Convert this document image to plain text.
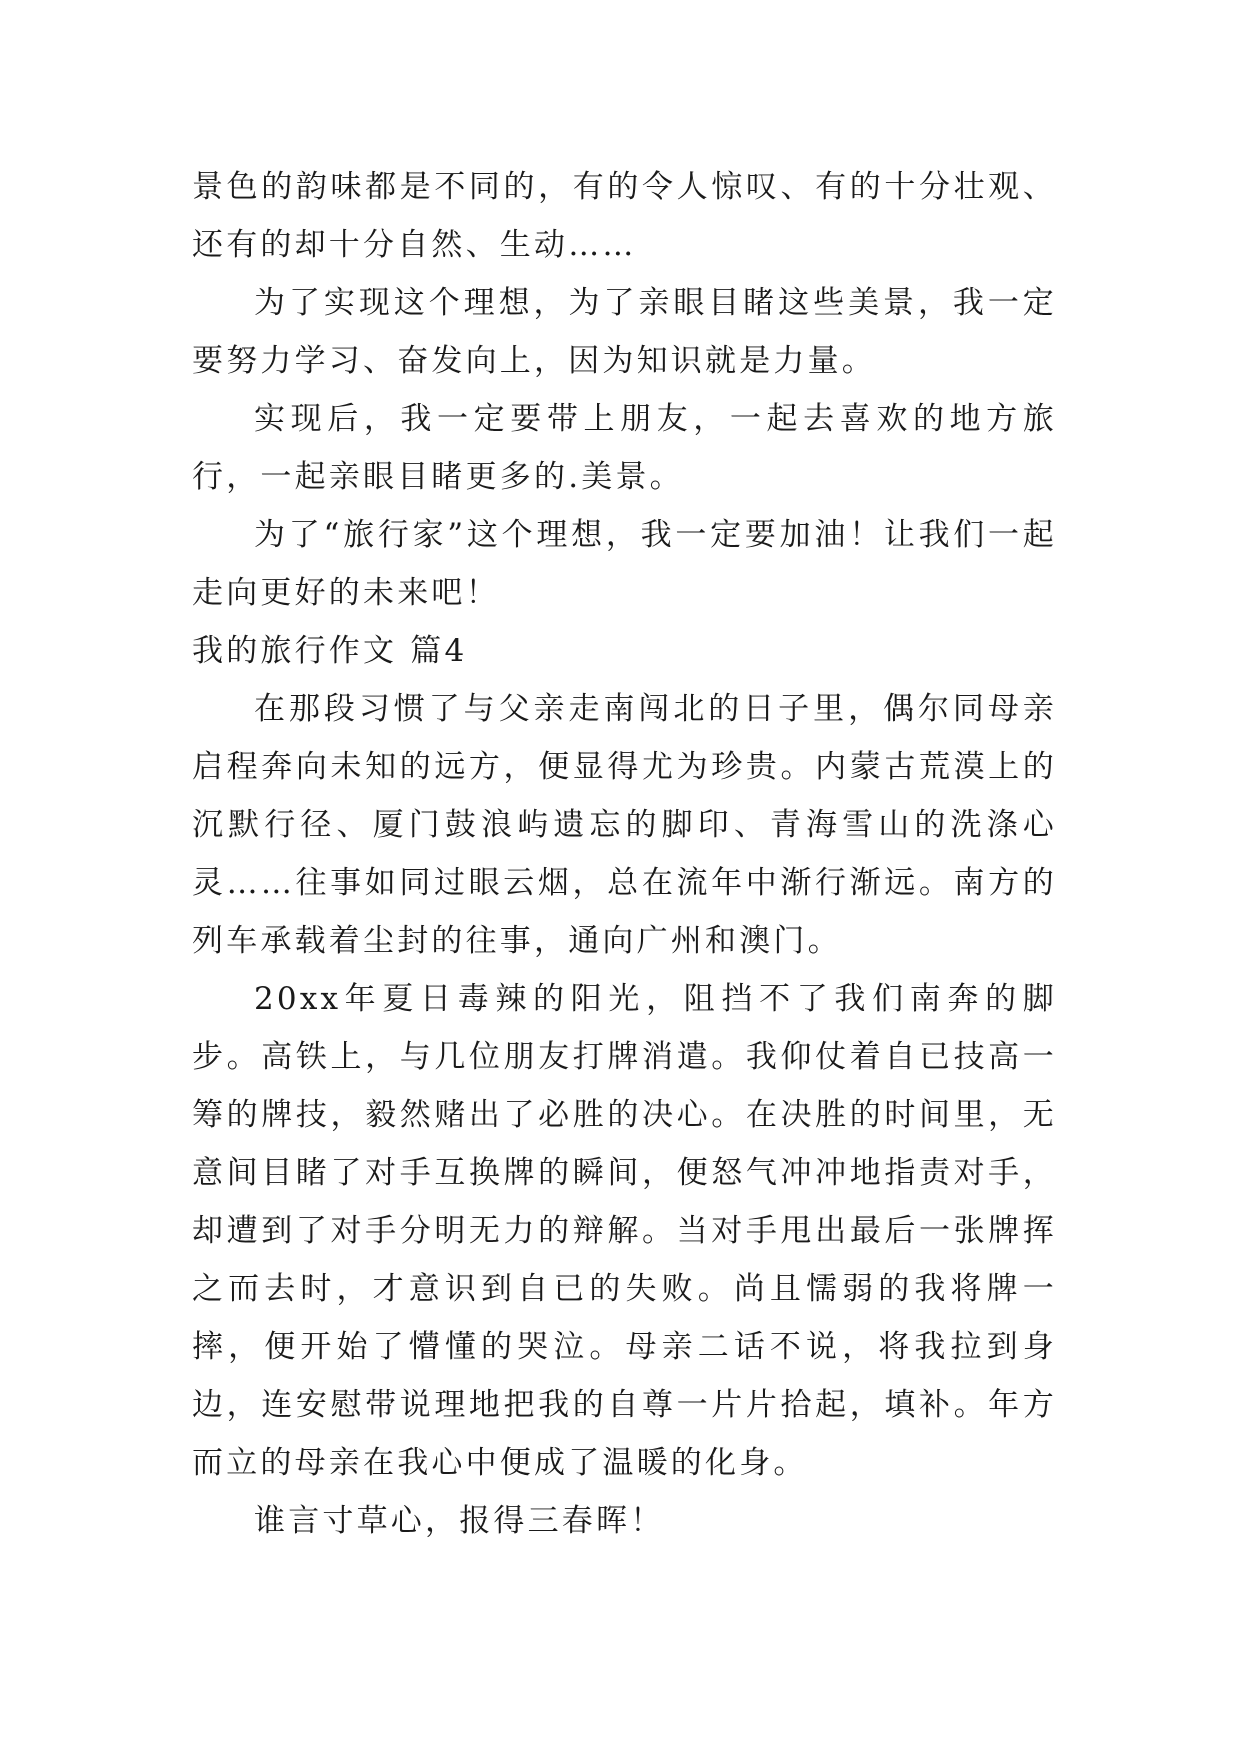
景色的韵味都是不同的，有的令人惊叹、有的十分壮观、还有的却十分自然、生动……

为了实现这个理想，为了亲眼目睹这些美景，我一定要努力学习、奋发向上，因为知识就是力量。

实现后，我一定要带上朋友，一起去喜欢的地方旅行，一起亲眼目睹更多的.美景。

为了“旅行家”这个理想，我一定要加油！让我们一起走向更好的未来吧！

我的旅行作文 篇4

在那段习惯了与父亲走南闯北的日子里，偶尔同母亲启程奔向未知的远方，便显得尤为珍贵。内蒙古荒漠上的沉默行径、厦门鼓浪屿遗忘的脚印、青海雪山的洗涤心灵……往事如同过眼云烟，总在流年中渐行渐远。南方的列车承载着尘封的往事，通向广州和澳门。

20xx年夏日毒辣的阳光，阻挡不了我们南奔的脚步。高铁上，与几位朋友打牌消遣。我仰仗着自已技高一筹的牌技，毅然赌出了必胜的决心。在决胜的时间里，无意间目睹了对手互换牌的瞬间，便怒气冲冲地指责对手，却遭到了对手分明无力的辩解。当对手甩出最后一张牌挥之而去时，才意识到自已的失败。尚且懦弱的我将牌一摔，便开始了懵懂的哭泣。母亲二话不说，将我拉到身边，连安慰带说理地把我的自尊一片片拾起，填补。年方而立的母亲在我心中便成了温暖的化身。

谁言寸草心，报得三春晖！
